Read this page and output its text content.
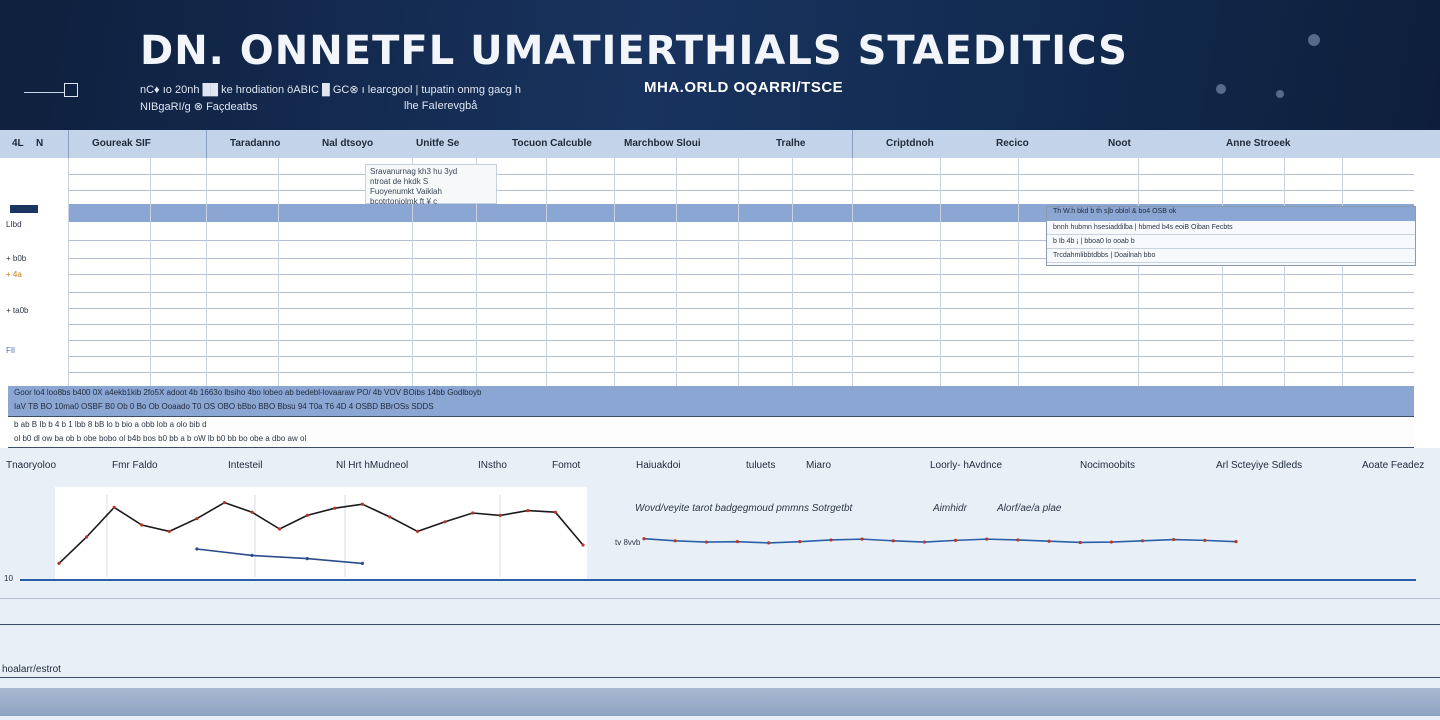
DN. ONNETFL UMATIERTHIALS STAEDITICS
nC♦ ıo 20nh ██ ke hrodiation öABIC █ GC⊗ ı learcgool | tupatin onmg gacg h	MHA.ORLD OQARRI/TSCE
NIBgaRI/g ⊗ Façdeatbs	lhe FaIerevgbå
4L N	Goureak SIF	Taradanno	Nal dtsoyo	Unitfe Se	Tocuon Calcuble	Marchbow Sloui	Tralhe	Criptdnoh	Recico	Noot	Anne Stroeek
LIbd
+ b0b
+ 4a
+ ta0b
FIl
Sravanurnag kh3 hu 3yd
ntroat de hkdk S
Fuoyenumkt Vaiklah
bcotrtoniolmk ft ¥ c
Th W.h bkd b th s|b oblol & bo4 OSB ok
bnnh hubmn hsesiaddilba | hbmed b4s eoiB Oiban Fecbts
b Ib 4b ¡ | bboa0 lo ooab b
Trcdahmlibbtdbbs | Doailnah bbo
Goor lo4 loo8bs b400 0X a4ekb1kib 2fo5X adoot 4b 1663o lbsiho 4bo lobeo ab bedebl-lovaaraw PO/ 4b VOV BOibs 14bb Godlboyb
IaV TB BO 10ma0 OSBF B0 Ob 0 Bo Ob Ooaado T0 OS OBO bBbo BBO Bbsu 94 T0a T6 4D 4 OSBD BBrOSs SDDS
b ab B Ib b 4 b 1 lbb 8 bB lo b bio a obb lob a olo bib d
ol b0 dl ow ba ob b obe bobo ol b4b bos b0 bb a b oW lb b0 bb bo obe a dbo aw ol
Tnaoryoloo	Fmr Faldo	Intesteil	Nl Hrt hMudneol	INstho	Fomot	Haiuakdoi	tuluets	Miaro	Loorly- hAvdnce	Nocimoobits	Arl Scteyiye Sdleds	Aoate Feadez
Wovd/veyite tarot badgegmoud pmmns Sotrgetbt	Aimhidr	Alorf/ae/a plae
tv 8vvb
10
hoalarr/estrot
